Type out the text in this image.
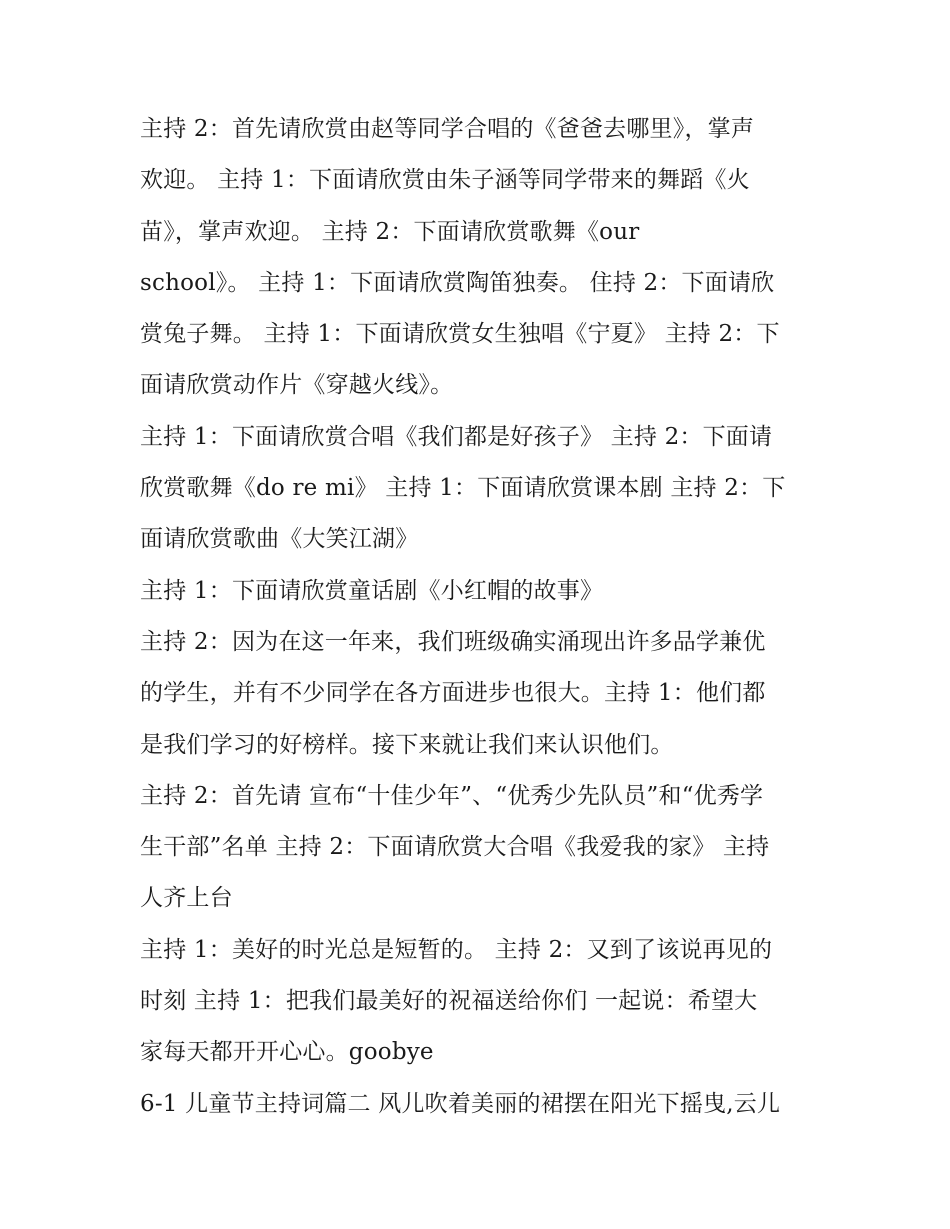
主持 2：首先请欣赏由赵等同学合唱的《爸爸去哪里》，掌声
欢迎。 主持 1：下面请欣赏由朱子涵等同学带来的舞蹈《火
苗》，掌声欢迎。 主持 2：下面请欣赏歌舞《our
school》。 主持 1：下面请欣赏陶笛独奏。 住持 2：下面请欣
赏兔子舞。 主持 1：下面请欣赏女生独唱《宁夏》 主持 2：下
面请欣赏动作片《穿越火线》。
主持 1：下面请欣赏合唱《我们都是好孩子》 主持 2：下面请
欣赏歌舞《do re mi》 主持 1：下面请欣赏课本剧 主持 2：下
面请欣赏歌曲《大笑江湖》
主持 1：下面请欣赏童话剧《小红帽的故事》
主持 2：因为在这一年来，我们班级确实涌现出许多品学兼优
的学生，并有不少同学在各方面进步也很大。主持 1：他们都
是我们学习的好榜样。接下来就让我们来认识他们。
主持 2：首先请 宣布“十佳少年”、“优秀少先队员”和“优秀学
生干部”名单 主持 2：下面请欣赏大合唱《我爱我的家》 主持
人齐上台
主持 1：美好的时光总是短暂的。 主持 2：又到了该说再见的
时刻 主持 1：把我们最美好的祝福送给你们 一起说：希望大
家每天都开开心心。goobye
6-1 儿童节主持词篇二 风儿吹着美丽的裙摆在阳光下摇曳,云儿
